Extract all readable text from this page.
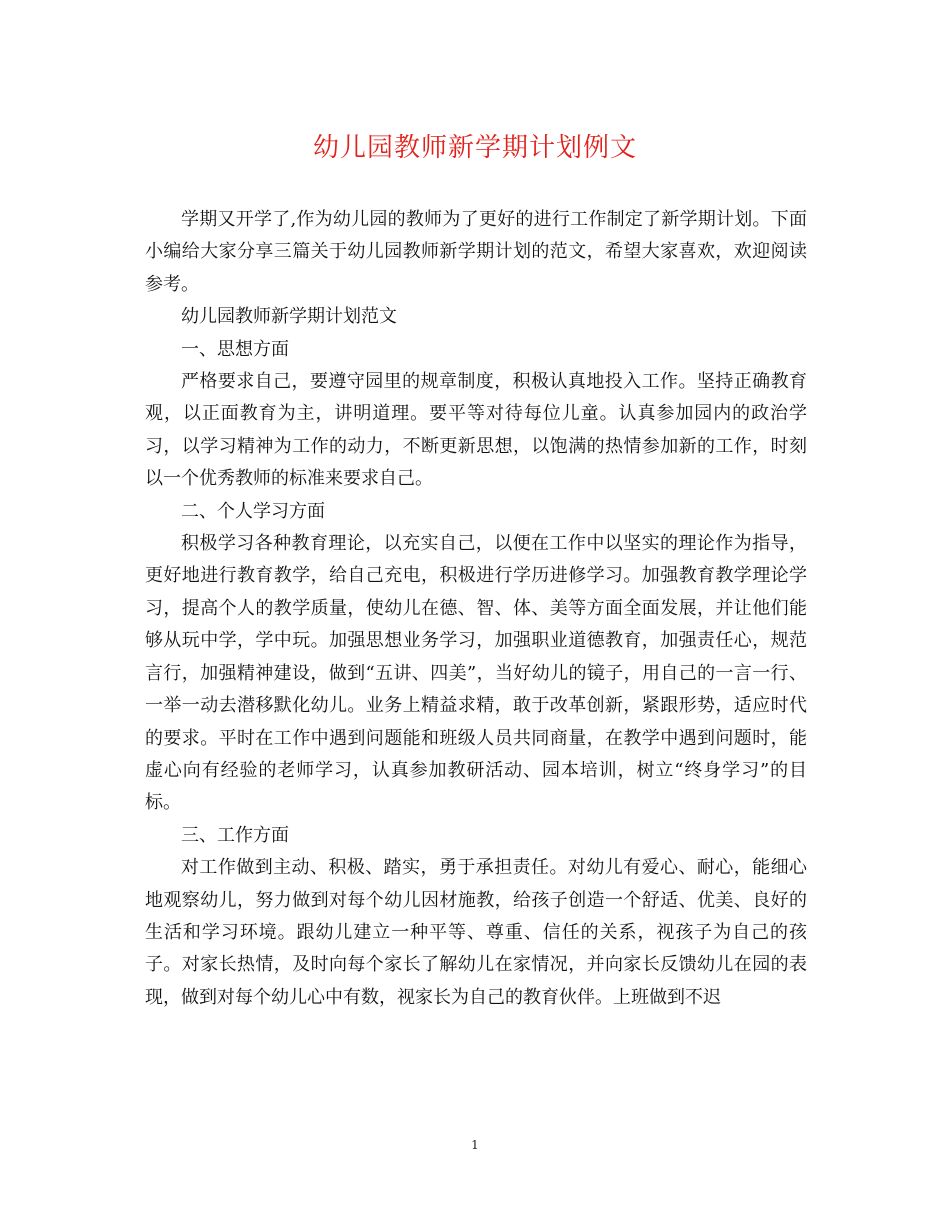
幼儿园教师新学期计划例文

学期又开学了,作为幼儿园的教师为了更好的进行工作制定了新学期计划。下面小编给大家分享三篇关于幼儿园教师新学期计划的范文，希望大家喜欢，欢迎阅读参考。

幼儿园教师新学期计划范文

一、思想方面

严格要求自己，要遵守园里的规章制度，积极认真地投入工作。坚持正确教育观，以正面教育为主，讲明道理。要平等对待每位儿童。认真参加园内的政治学习，以学习精神为工作的动力，不断更新思想，以饱满的热情参加新的工作，时刻以一个优秀教师的标准来要求自己。

二、个人学习方面

积极学习各种教育理论，以充实自己，以便在工作中以坚实的理论作为指导，更好地进行教育教学，给自己充电，积极进行学历进修学习。加强教育教学理论学习，提高个人的教学质量，使幼儿在德、智、体、美等方面全面发展，并让他们能够从玩中学，学中玩。加强思想业务学习，加强职业道德教育，加强责任心，规范言行，加强精神建设，做到“五讲、四美”，当好幼儿的镜子，用自己的一言一行、一举一动去潜移默化幼儿。业务上精益求精，敢于改革创新，紧跟形势，适应时代的要求。平时在工作中遇到问题能和班级人员共同商量，在教学中遇到问题时，能虚心向有经验的老师学习，认真参加教研活动、园本培训，树立“终身学习”的目标。

三、工作方面

对工作做到主动、积极、踏实，勇于承担责任。对幼儿有爱心、耐心，能细心地观察幼儿，努力做到对每个幼儿因材施教，给孩子创造一个舒适、优美、良好的生活和学习环境。跟幼儿建立一种平等、尊重、信任的关系，视孩子为自己的孩子。对家长热情，及时向每个家长了解幼儿在家情况，并向家长反馈幼儿在园的表现，做到对每个幼儿心中有数，视家长为自己的教育伙伴。上班做到不迟

1
